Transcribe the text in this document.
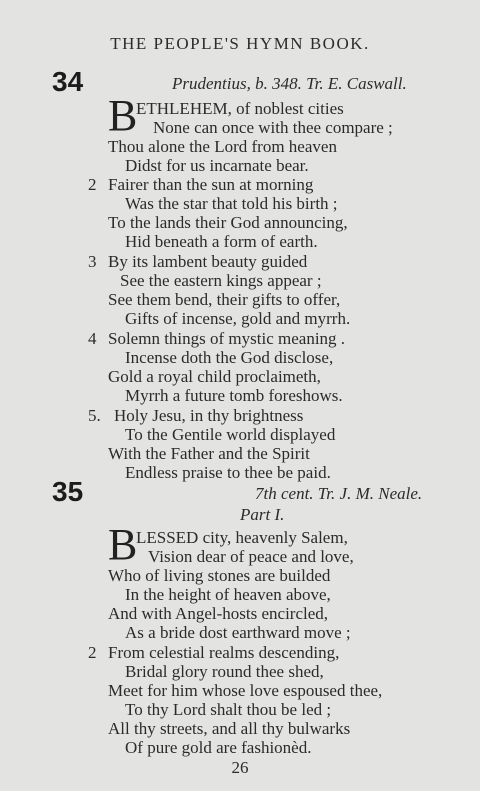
THE PEOPLE'S HYMN BOOK.
34	Prudentius, b. 348. Tr. E. Caswall.
B
ETHLEHEM, of noblest cities
None can once with thee compare ;
Thou alone the Lord from heaven
Didst for us incarnate bear.
2 Fairer than the sun at morning
Was the star that told his birth ;
To the lands their God announcing,
Hid beneath a form of earth.
3 By its lambent beauty guided
See the eastern kings appear ;
See them bend, their gifts to offer,
Gifts of incense, gold and myrrh.
4 Solemn things of mystic meaning .
Incense doth the God disclose,
Gold a royal child proclaimeth,
Myrrh a future tomb foreshows.
5. Holy Jesu, in thy brightness
To the Gentile world displayed
With the Father and the Spirit
Endless praise to thee be paid.
35	7th cent. Tr. J. M. Neale.
Part I.
B
LESSED city, heavenly Salem,
Vision dear of peace and love,
Who of living stones are builded
In the height of heaven above,
And with Angel-hosts encircled,
As a bride dost earthward move ;
2 From celestial realms descending,
Bridal glory round thee shed,
Meet for him whose love espoused thee,
To thy Lord shalt thou be led ;
All thy streets, and all thy bulwarks
Of pure gold are fashionèd.
26
